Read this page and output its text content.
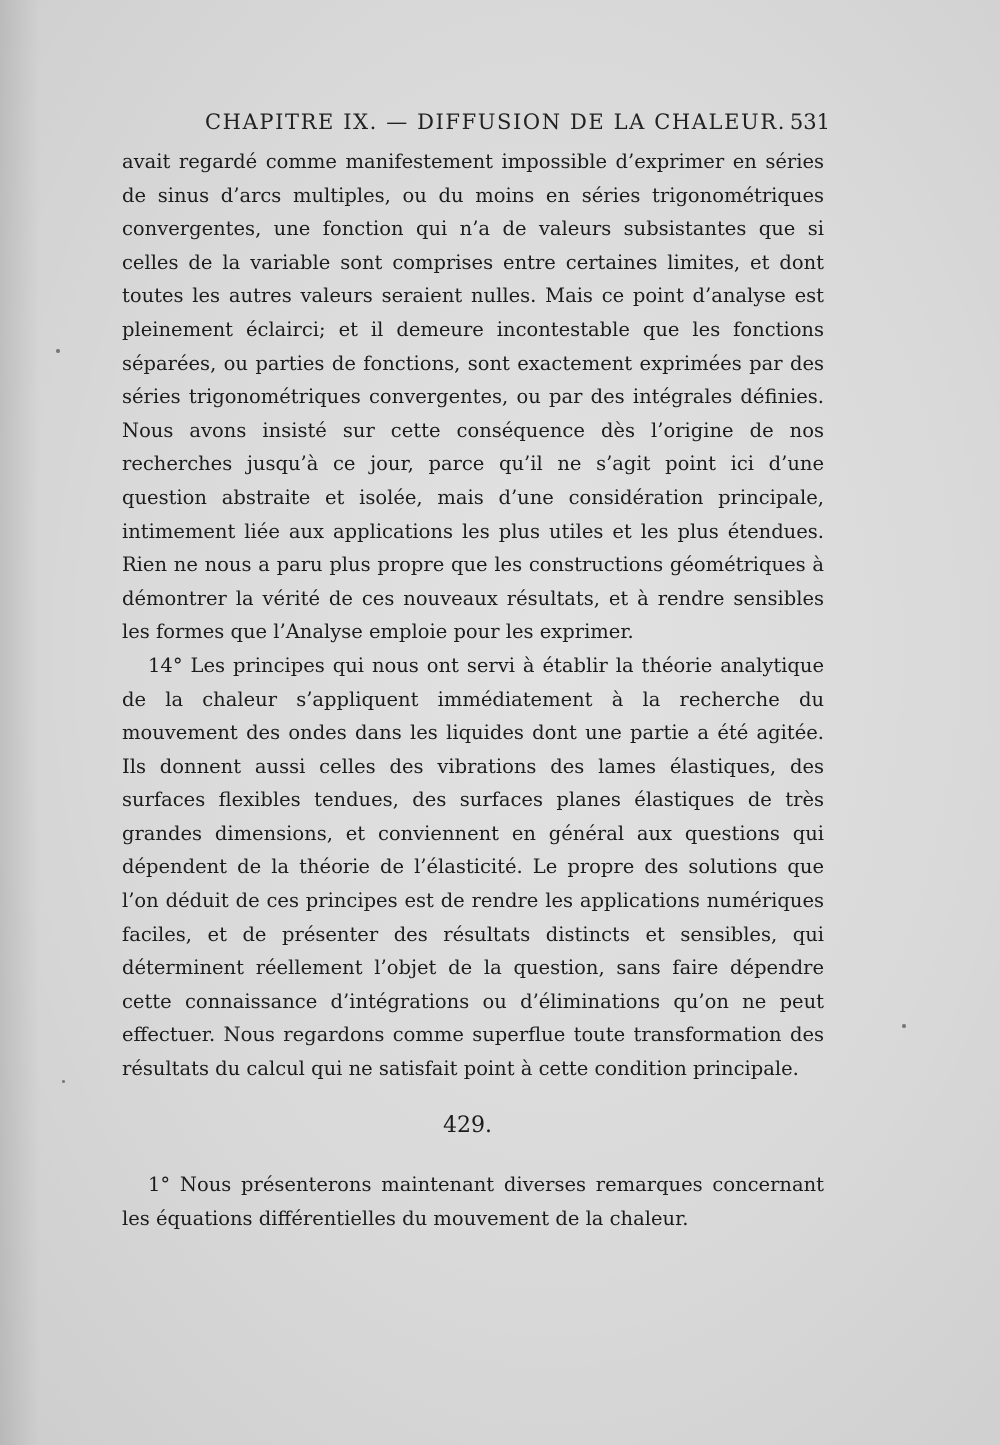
CHAPITRE IX. — DIFFUSION DE LA CHALEUR. 531

avait regardé comme manifestement impossible d’exprimer en séries de sinus d’arcs multiples, ou du moins en séries trigonométriques convergentes, une fonction qui n’a de valeurs subsistantes que si celles de la variable sont comprises entre certaines limites, et dont toutes les autres valeurs seraient nulles. Mais ce point d’analyse est pleinement éclairci; et il demeure incontestable que les fonctions séparées, ou parties de fonctions, sont exactement exprimées par des séries trigonométriques convergentes, ou par des intégrales définies. Nous avons insisté sur cette conséquence dès l’origine de nos recherches jusqu’à ce jour, parce qu’il ne s’agit point ici d’une question abstraite et isolée, mais d’une considération principale, intimement liée aux applications les plus utiles et les plus étendues. Rien ne nous a paru plus propre que les constructions géométriques à démontrer la vérité de ces nouveaux résultats, et à rendre sensibles les formes que l’Analyse emploie pour les exprimer.

14° Les principes qui nous ont servi à établir la théorie analytique de la chaleur s’appliquent immédiatement à la recherche du mouvement des ondes dans les liquides dont une partie a été agitée. Ils donnent aussi celles des vibrations des lames élastiques, des surfaces flexibles tendues, des surfaces planes élastiques de très grandes dimensions, et conviennent en général aux questions qui dépendent de la théorie de l’élasticité. Le propre des solutions que l’on déduit de ces principes est de rendre les applications numériques faciles, et de présenter des résultats distincts et sensibles, qui déterminent réellement l’objet de la question, sans faire dépendre cette connaissance d’intégrations ou d’éliminations qu’on ne peut effectuer. Nous regardons comme superflue toute transformation des résultats du calcul qui ne satisfait point à cette condition principale.

429.

1° Nous présenterons maintenant diverses remarques concernant les équations différentielles du mouvement de la chaleur.
